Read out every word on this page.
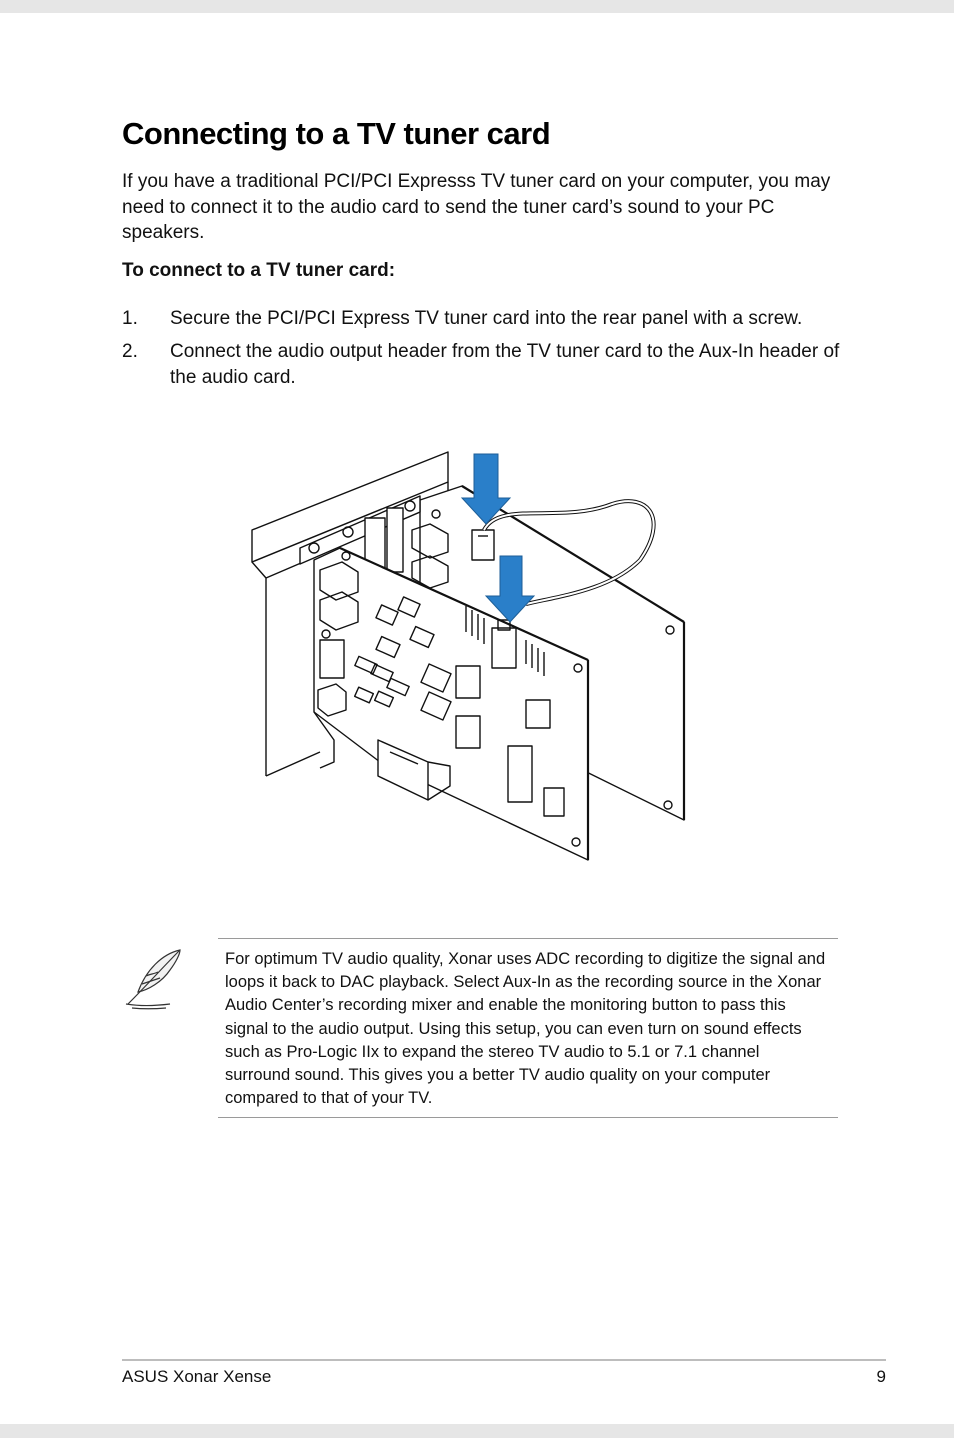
Connecting to a TV tuner card

If you have a traditional PCI/PCI Expresss TV tuner card on your computer, you may need to connect it to the audio card to send the tuner card’s sound to your PC speakers.

To connect to a TV tuner card:

1.	Secure the PCI/PCI Express TV tuner card into the rear panel with a screw.
2.	Connect the audio output header from the TV tuner card to the Aux-In header of the audio card.

For optimum TV audio quality, Xonar uses ADC recording to digitize the signal and loops it back to DAC playback. Select Aux-In as the recording source in the Xonar Audio Center’s recording mixer and enable the monitoring button to pass this signal to the audio output. Using this setup, you can even turn on sound effects such as Pro-Logic IIx to expand the stereo TV audio to 5.1 or 7.1 channel surround sound. This gives you a better TV audio quality on your computer compared to that of your TV.

ASUS Xonar Xense	9
